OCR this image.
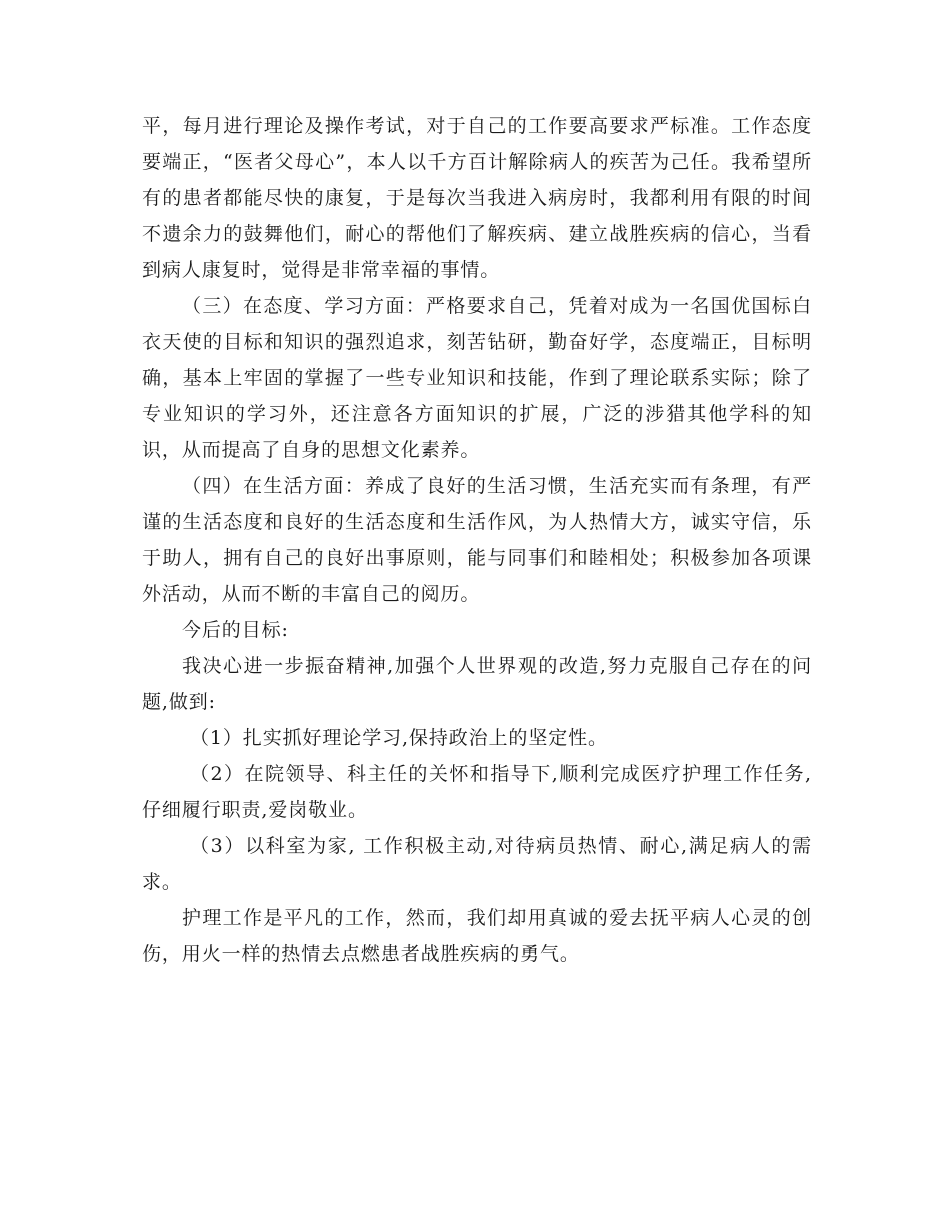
平，每月进行理论及操作考试，对于自己的工作要高要求严标准。工作态度要端正，“医者父母心”，本人以千方百计解除病人的疾苦为己任。我希望所有的患者都能尽快的康复，于是每次当我进入病房时，我都利用有限的时间不遗余力的鼓舞他们，耐心的帮他们了解疾病、建立战胜疾病的信心，当看到病人康复时，觉得是非常幸福的事情。

（三）在态度、学习方面：严格要求自己，凭着对成为一名国优国标白衣天使的目标和知识的强烈追求，刻苦钻研，勤奋好学，态度端正，目标明确，基本上牢固的掌握了一些专业知识和技能，作到了理论联系实际；除了专业知识的学习外，还注意各方面知识的扩展，广泛的涉猎其他学科的知识，从而提高了自身的思想文化素养。

（四）在生活方面：养成了良好的生活习惯，生活充实而有条理，有严谨的生活态度和良好的生活态度和生活作风，为人热情大方，诚实守信，乐于助人，拥有自己的良好出事原则，能与同事们和睦相处；积极参加各项课外活动，从而不断的丰富自己的阅历。

今后的目标:

我决心进一步振奋精神,加强个人世界观的改造,努力克服自己存在的问题,做到:

（1）扎实抓好理论学习,保持政治上的坚定性。

（2）在院领导、科主任的关怀和指导下,顺利完成医疗护理工作任务,仔细履行职责,爱岗敬业。

（3）以科室为家, 工作积极主动,对待病员热情、耐心,满足病人的需求。

护理工作是平凡的工作，然而，我们却用真诚的爱去抚平病人心灵的创伤，用火一样的热情去点燃患者战胜疾病的勇气。
